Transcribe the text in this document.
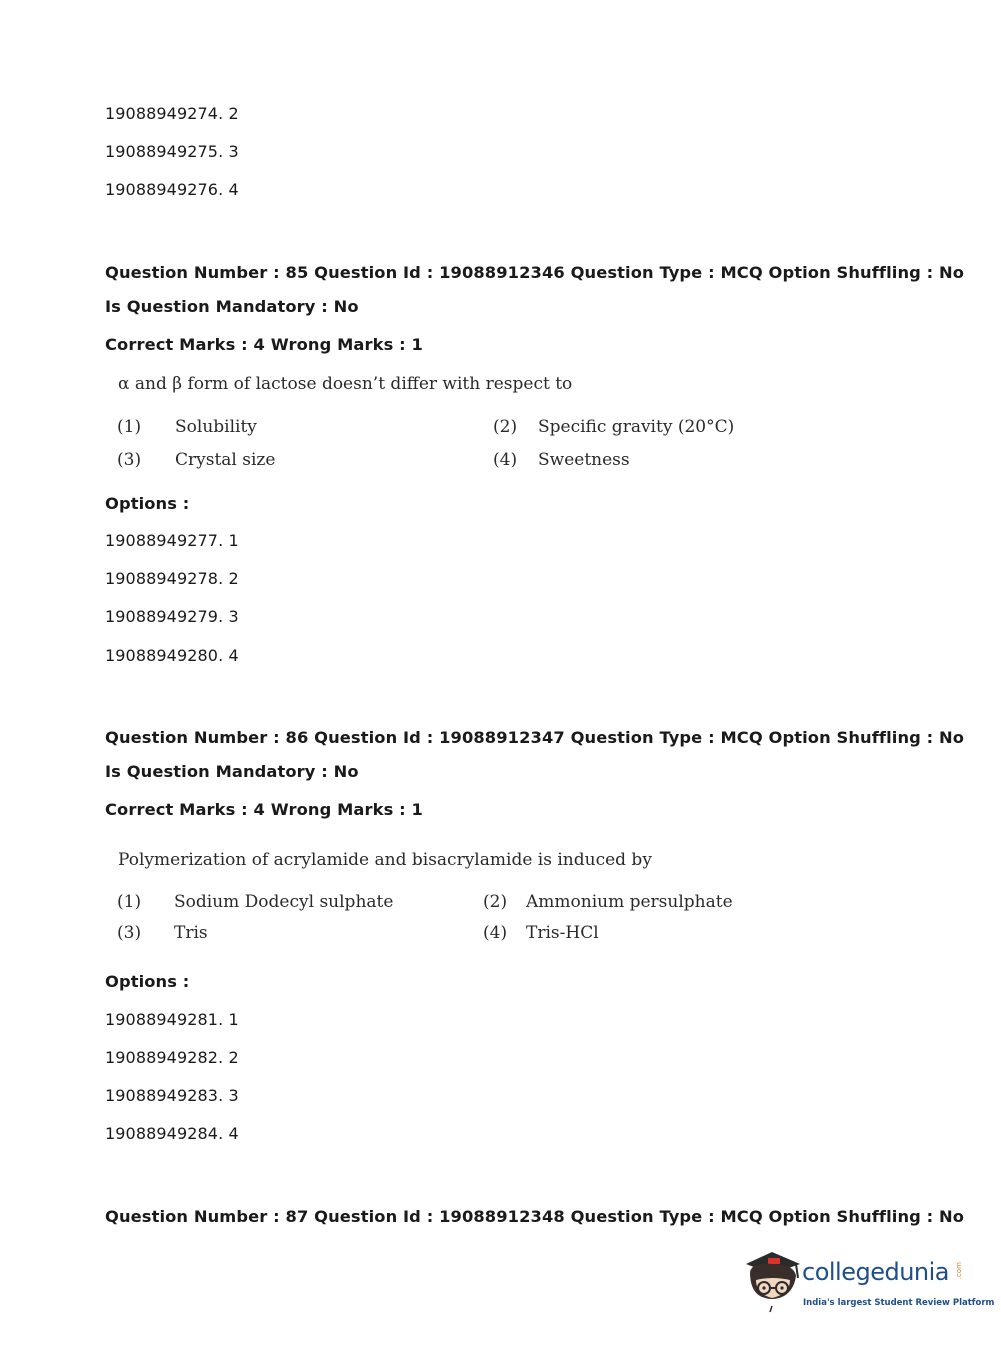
19088949274. 2
19088949275. 3
19088949276. 4
Question Number : 85 Question Id : 19088912346 Question Type : MCQ Option Shuffling : No
Is Question Mandatory : No
Correct Marks : 4 Wrong Marks : 1
α and β form of lactose doesn’t differ with respect to
(1) Solubility	(2) Specific gravity (20°C)
(3) Crystal size	(4) Sweetness
Options :
19088949277. 1
19088949278. 2
19088949279. 3
19088949280. 4
Question Number : 86 Question Id : 19088912347 Question Type : MCQ Option Shuffling : No
Is Question Mandatory : No
Correct Marks : 4 Wrong Marks : 1
Polymerization of acrylamide and bisacrylamide is induced by
(1) Sodium Dodecyl sulphate	(2) Ammonium persulphate
(3) Tris	(4) Tris-HCl
Options :
19088949281. 1
19088949282. 2
19088949283. 3
19088949284. 4
Question Number : 87 Question Id : 19088912348 Question Type : MCQ Option Shuffling : No
collegedunia .com
India's largest Student Review Platform
